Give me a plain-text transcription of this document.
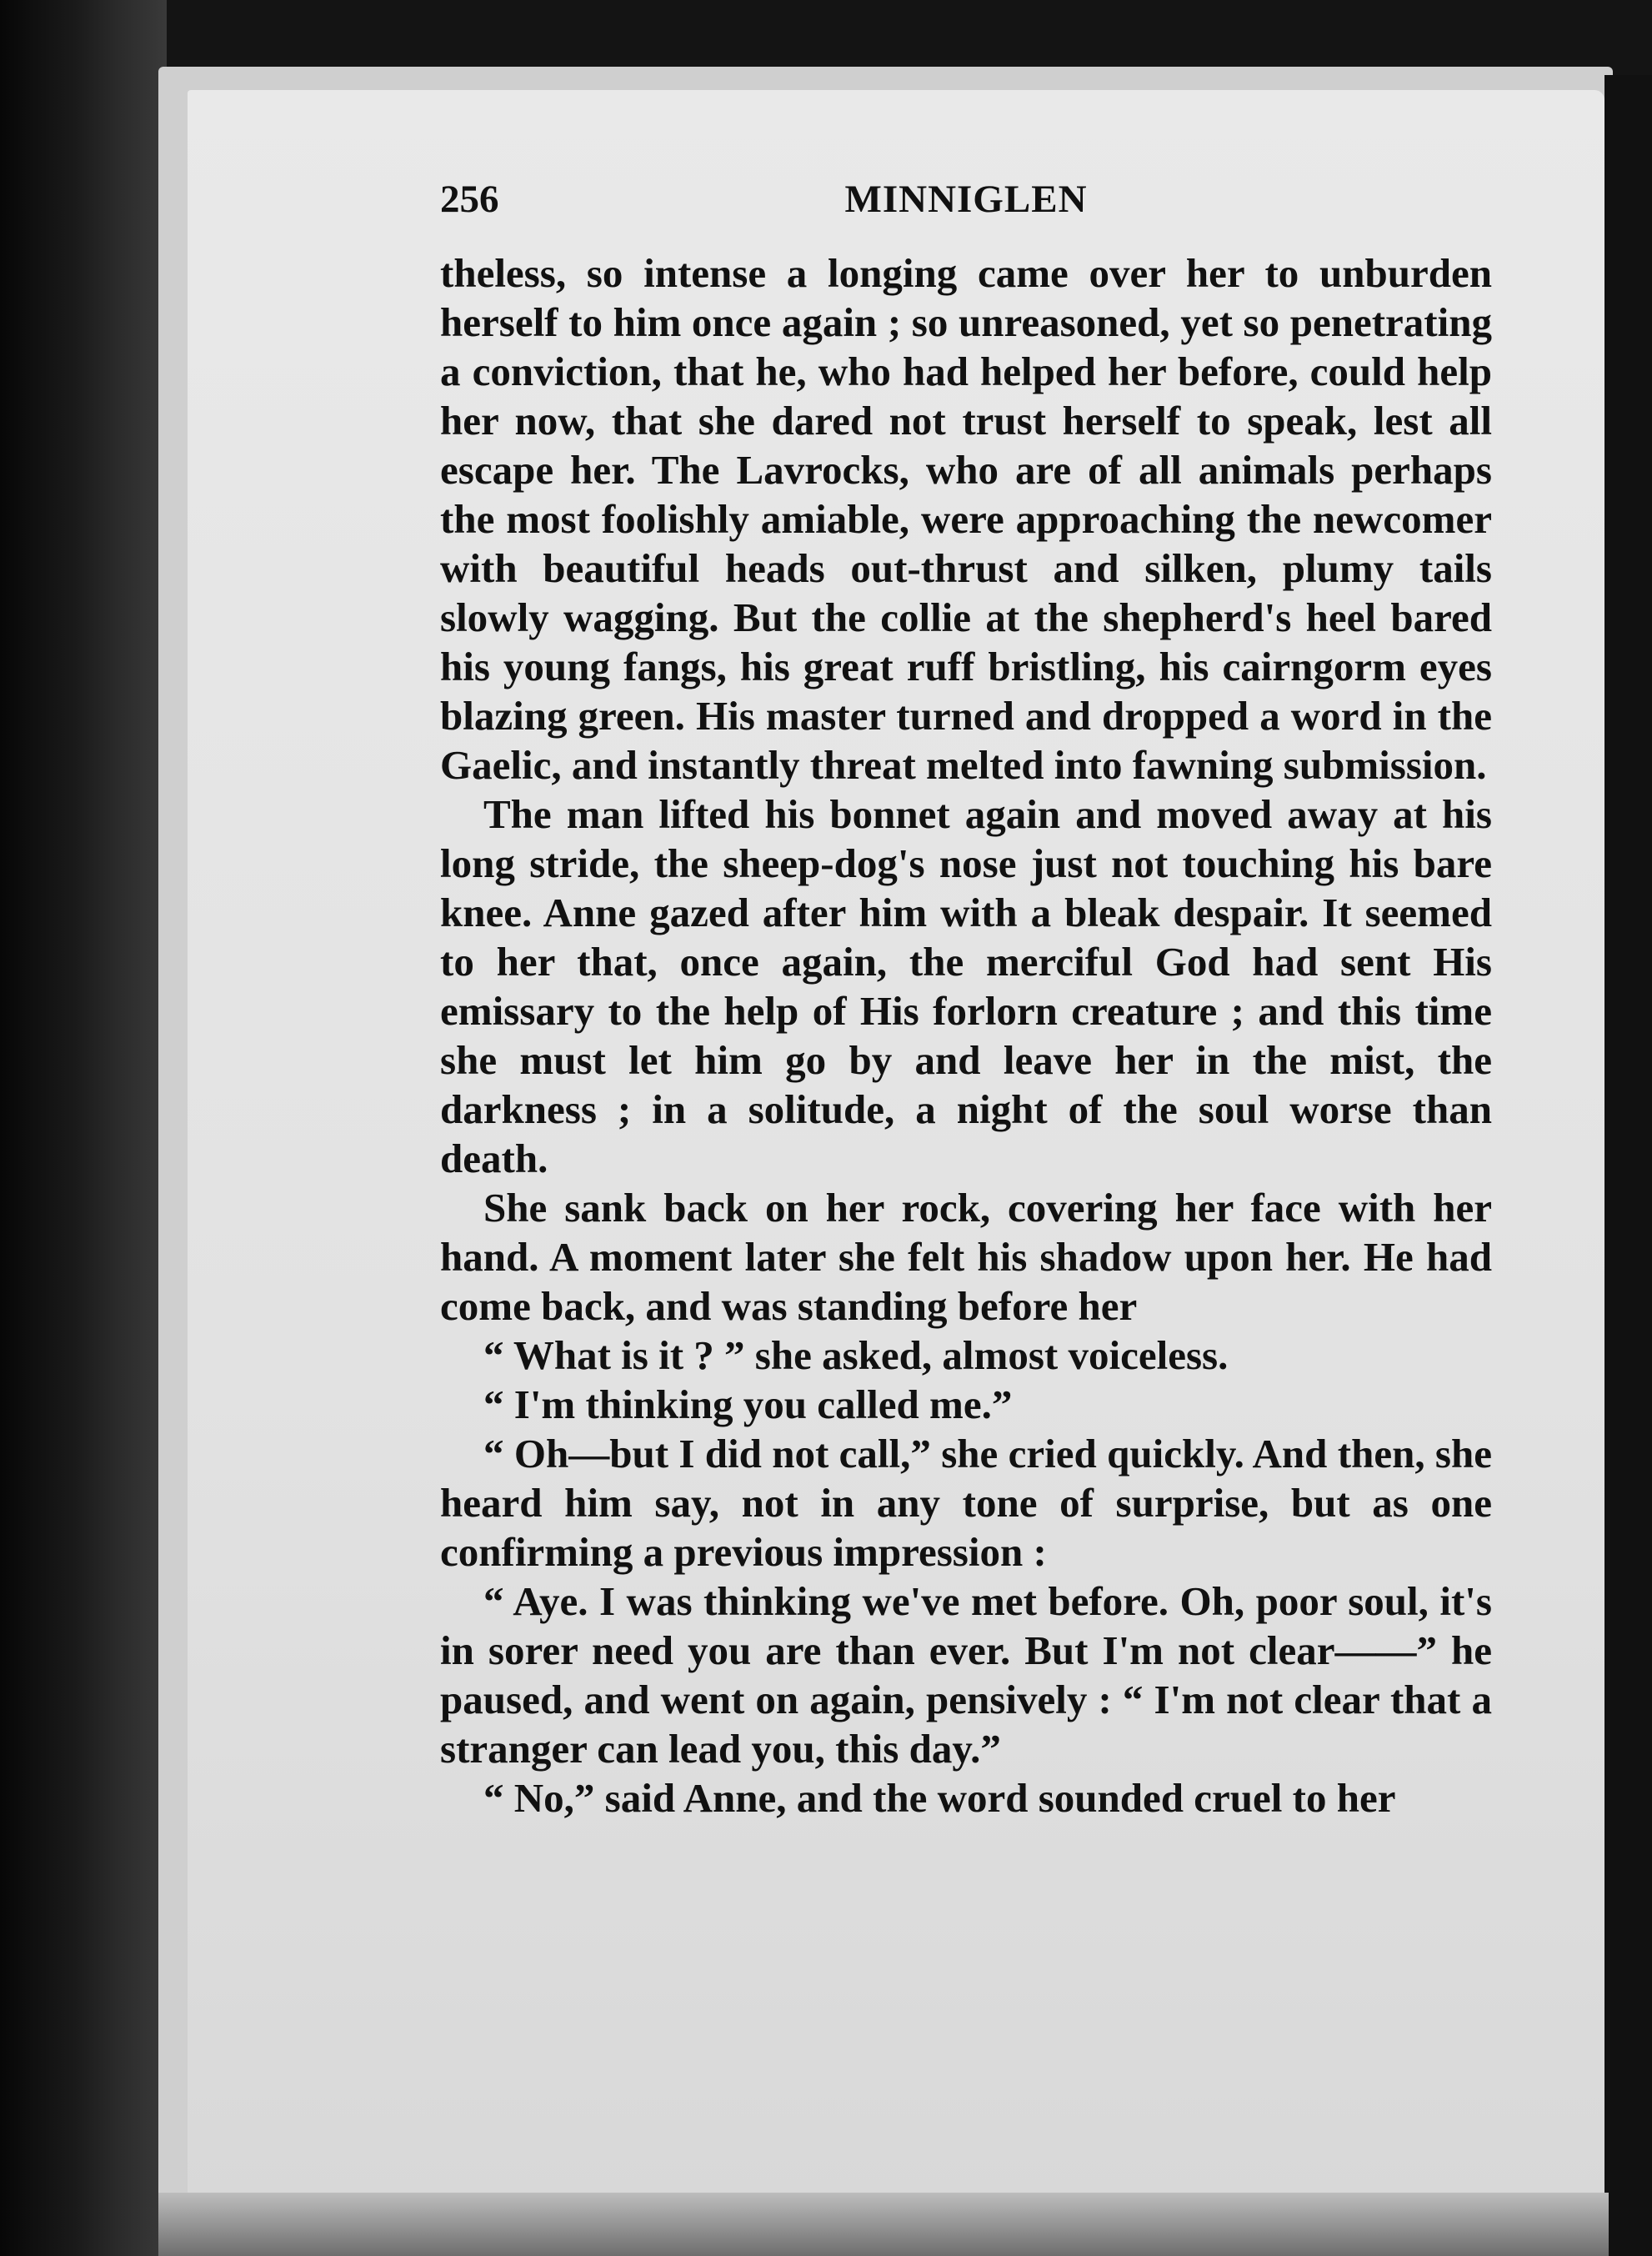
256	MINNIGLEN

theless, so intense a longing came over her to unburden herself to him once again ; so unreasoned, yet so penetrating a conviction, that he, who had helped her before, could help her now, that she dared not trust herself to speak, lest all escape her. The Lavrocks, who are of all animals perhaps the most foolishly amiable, were approaching the newcomer with beautiful heads out-thrust and silken, plumy tails slowly wagging. But the collie at the shepherd's heel bared his young fangs, his great ruff bristling, his cairngorm eyes blazing green. His master turned and dropped a word in the Gaelic, and instantly threat melted into fawning submission.

The man lifted his bonnet again and moved away at his long stride, the sheep-dog's nose just not touching his bare knee. Anne gazed after him with a bleak despair. It seemed to her that, once again, the merciful God had sent His emissary to the help of His forlorn creature ; and this time she must let him go by and leave her in the mist, the darkness ; in a solitude, a night of the soul worse than death.

She sank back on her rock, covering her face with her hand. A moment later she felt his shadow upon her. He had come back, and was standing before her

“ What is it ? ” she asked, almost voiceless.

“ I'm thinking you called me.”

“ Oh—but I did not call,” she cried quickly. And then, she heard him say, not in any tone of surprise, but as one confirming a previous impression :

“ Aye. I was thinking we've met before. Oh, poor soul, it's in sorer need you are than ever. But I'm not clear——” he paused, and went on again, pensively : “ I'm not clear that a stranger can lead you, this day.”

“ No,” said Anne, and the word sounded cruel to her
